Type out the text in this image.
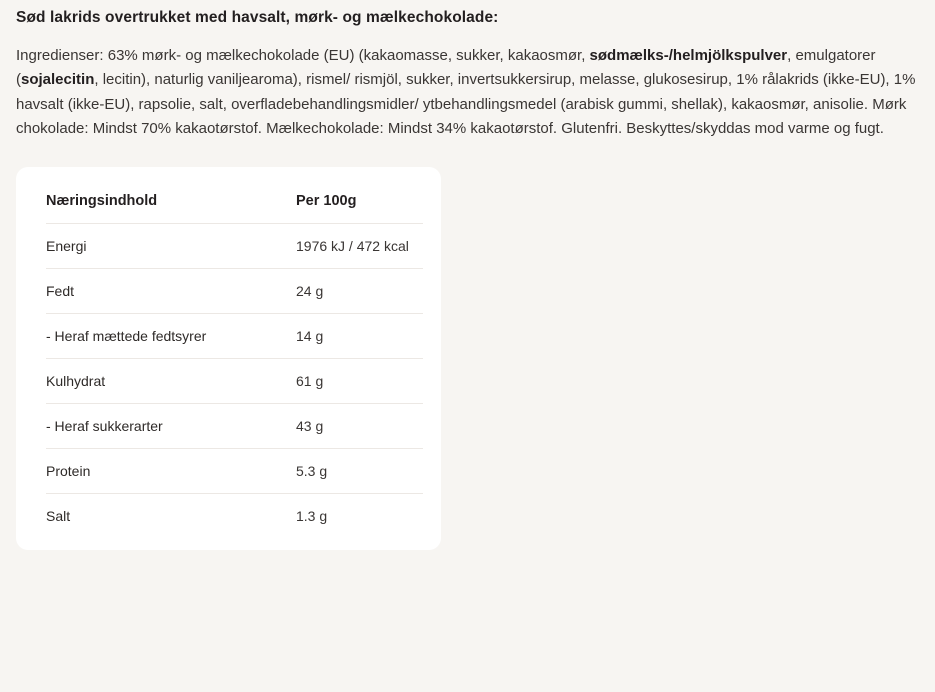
Sød lakrids overtrukket med havsalt, mørk- og mælkechokolade:

Ingredienser: 63% mørk- og mælkechokolade (EU) (kakaomasse, sukker, kakaosmør, sødmælks-/helmjölkspulver, emulgatorer (sojalecitin, lecitin), naturlig vaniljearoma), rismel/ rismjöl, sukker, invertsukkersirup, melasse, glukosesirup, 1% rålakrids (ikke-EU), 1% havsalt (ikke-EU), rapsolie, salt, overfladebehandlingsmidler/ ytbehandlingsmedel (arabisk gummi, shellak), kakaosmør, anisolie. Mørk chokolade: Mindst 70% kakaotørstof. Mælkechokolade: Mindst 34% kakaotørstof. Glutenfri. Beskyttes/skyddas mod varme og fugt.

Næringsindhold	Per 100g
Energi	1976 kJ / 472 kcal
Fedt	24 g
- Heraf mættede fedtsyrer	14 g
Kulhydrat	61 g
- Heraf sukkerarter	43 g
Protein	5.3 g
Salt	1.3 g
